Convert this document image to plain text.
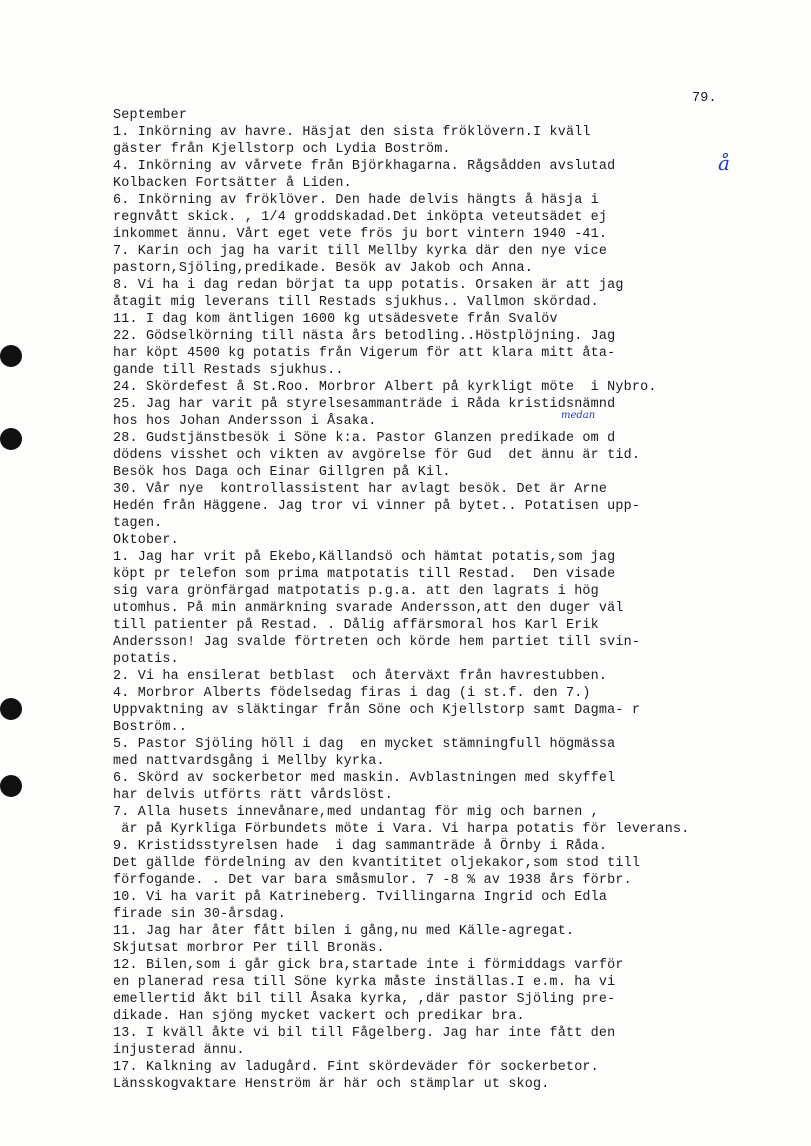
79.
September
1. Inkörning av havre. Häsjat den sista fröklövern.I kväll
gäster från Kjellstorp och Lydia Boström.
4. Inkörning av vårvete från Björkhagarna. Rågsådden avslutad
Kolbacken Fortsätter å Liden.
6. Inkörning av fröklöver. Den hade delvis hängts å häsja i
regnvått skick. , 1/4 groddskadad.Det inköpta veteutsädet ej
inkommet ännu. Vårt eget vete frös ju bort vintern 1940 -41.
7. Karin och jag ha varit till Mellby kyrka där den nye vice
pastorn,Sjöling,predikade. Besök av Jakob och Anna.
8. Vi ha i dag redan börjat ta upp potatis. Orsaken är att jag
åtagit mig leverans till Restads sjukhus.. Vallmon skördad.
11. I dag kom äntligen 1600 kg utsädesvete från Svalöv
22. Gödselkörning till nästa års betodling..Höstplöjning. Jag
har köpt 4500 kg potatis från Vigerum för att klara mitt åta-
gande till Restads sjukhus..
24. Skördefest å St.Roo. Morbror Albert på kyrkligt möte  i Nybro.
25. Jag har varit på styrelsesammanträde i Råda kristidsnämnd
hos hos Johan Andersson i Åsaka.
28. Gudstjänstbesök i Söne k:a. Pastor Glanzen predikade om d
dödens visshet och vikten av avgörelse för Gud  det ännu är tid.
Besök hos Daga och Einar Gillgren på Kil.
30. Vår nye  kontrollassistent har avlagt besök. Det är Arne
Hedén från Häggene. Jag tror vi vinner på bytet.. Potatisen upp-
tagen.
Oktober.
1. Jag har vrit på Ekebo,Källandsö och hämtat potatis,som jag
köpt pr telefon som prima matpotatis till Restad.  Den visade
sig vara grönfärgad matpotatis p.g.a. att den lagrats i hög
utomhus. På min anmärkning svarade Andersson,att den duger väl
till patienter på Restad. . Dålig affärsmoral hos Karl Erik
Andersson! Jag svalde förtreten och körde hem partiet till svin-
potatis.
2. Vi ha ensilerat betblast  och återväxt från havrestubben.
4. Morbror Alberts födelsedag firas i dag (i st.f. den 7.)
Uppvaktning av släktingar från Söne och Kjellstorp samt Dagma- r
Boström..
5. Pastor Sjöling höll i dag  en mycket stämningfull högmässa
med nattvardsgång i Mellby kyrka.
6. Skörd av sockerbetor med maskin. Avblastningen med skyffel
har delvis utförts rätt vårdslöst.
7. Alla husets innevånare,med undantag för mig och barnen ,
är på Kyrkliga Förbundets möte i Vara. Vi harpa potatis för leverans.
9. Kristidsstyrelsen hade  i dag sammanträde å Örnby i Råda.
Det gällde fördelning av den kvantititet oljekakor,som stod till
förfogande. . Det var bara småsmulor. 7 -8 % av 1938 års förbr.
10. Vi ha varit på Katrineberg. Tvillingarna Ingrid och Edla
firade sin 30-årsdag.
11. Jag har åter fått bilen i gång,nu med Källe-agregat.
Skjutsat morbror Per till Bronäs.
12. Bilen,som i går gick bra,startade inte i förmiddags varför
en planerad resa till Söne kyrka måste inställas.I e.m. ha vi
emellertid åkt bil till Åsaka kyrka, ,där pastor Sjöling pre-
dikade. Han sjöng mycket vackert och predikar bra.
13. I kväll åkte vi bil till Fågelberg. Jag har inte fått den
injusterad ännu.
17. Kalkning av ladugård. Fint skördeväder för sockerbetor.
Länsskogvaktare Henström är här och stämplar ut skog.
å
medan
